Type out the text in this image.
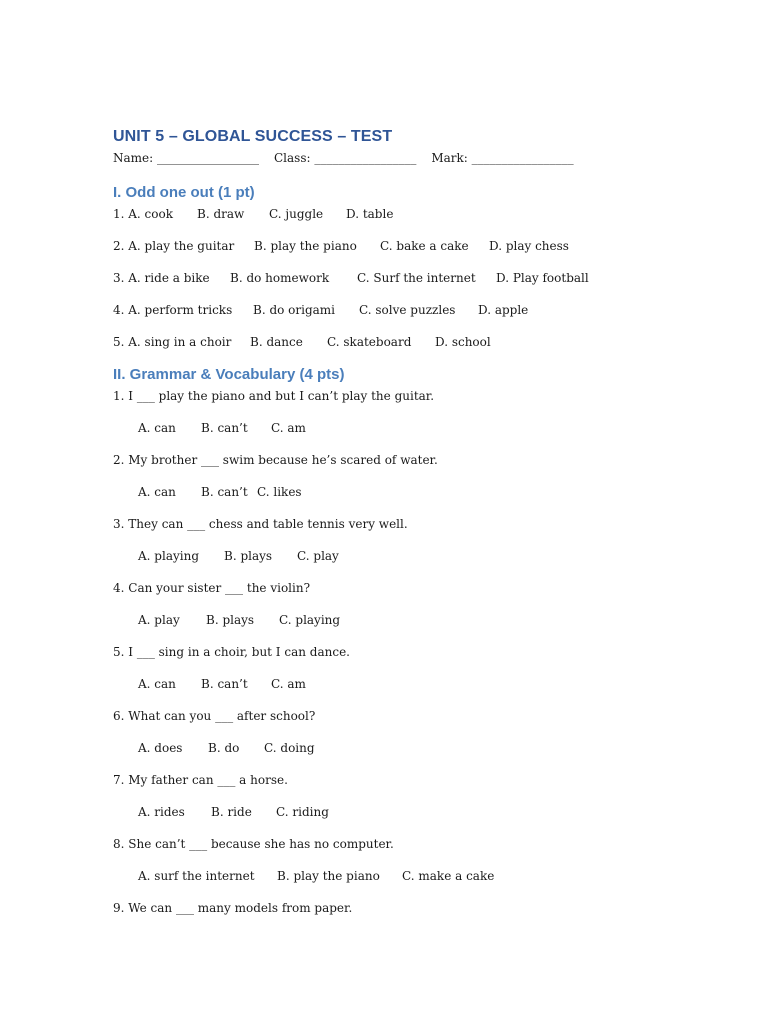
UNIT 5 – GLOBAL SUCCESS – TEST
Name: _________________ Class: _________________ Mark: _________________
I. Odd one out (1 pt)
1. A. cook	B. draw	C. juggle	D. table
2. A. play the guitar	B. play the piano	C. bake a cake	D. play chess
3. A. ride a bike	B. do homework	C. Surf the internet	D. Play football
4. A. perform tricks	B. do origami	C. solve puzzles	D. apple
5. A. sing in a choir	B. dance	C. skateboard	D. school
II. Grammar & Vocabulary (4 pts)
1. I ___ play the piano and but I can’t play the guitar.
A. can	B. can’t	C. am
2. My brother ___ swim because he’s scared of water.
A. can	B. can’t C. likes
3. They can ___ chess and table tennis very well.
A. playing	B. plays	C. play
4. Can your sister ___ the violin?
A. play	B. plays	C. playing
5. I ___ sing in a choir, but I can dance.
A. can	B. can’t	C. am
6. What can you ___ after school?
A. does	B. do	C. doing
7. My father can ___ a horse.
A. rides	B. ride	C. riding
8. She can’t ___ because she has no computer.
A. surf the internet	B. play the piano	C. make a cake
9. We can ___ many models from paper.
